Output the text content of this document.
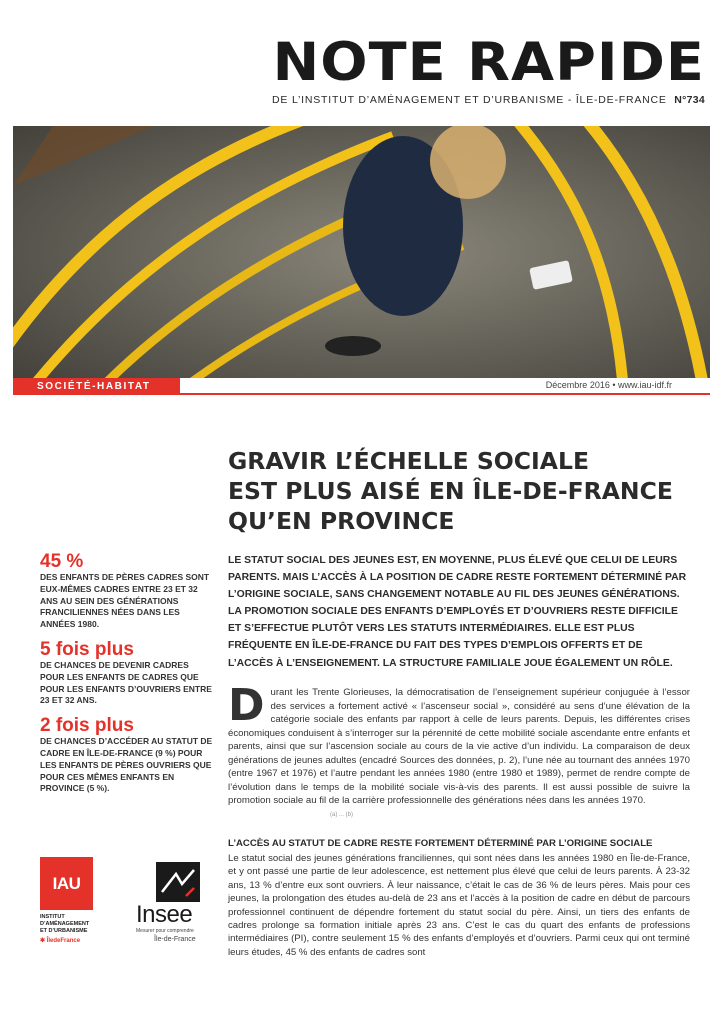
NOTE RAPIDE
DE L’INSTITUT D’AMÉNAGEMENT ET D’URBANISME - ÎLE-DE-FRANCE N°734
SOCIÉTÉ-HABITAT	Décembre 2016 • www.iau-idf.fr
GRAVIR L’ÉCHELLE SOCIALE
EST PLUS AISÉ EN ÎLE-DE-FRANCE
QU’EN PROVINCE

LE STATUT SOCIAL DES JEUNES EST, EN MOYENNE, PLUS ÉLEVÉ QUE CELUI DE LEURS PARENTS. MAIS L’ACCÈS À LA POSITION DE CADRE RESTE FORTEMENT DÉTERMINÉ PAR L’ORIGINE SOCIALE, SANS CHANGEMENT NOTABLE AU FIL DES JEUNES GÉNÉRATIONS. LA PROMOTION SOCIALE DES ENFANTS D’EMPLOYÉS ET D’OUVRIERS RESTE DIFFICILE ET S’EFFECTUE PLUTÔT VERS LES STATUTS INTERMÉDIAIRES. ELLE EST PLUS FRÉQUENTE EN ÎLE-DE-FRANCE DU FAIT DES TYPES D’EMPLOIS OFFERTS ET DE L’ACCÈS À L’ENSEIGNEMENT. LA STRUCTURE FAMILIALE JOUE ÉGALEMENT UN RÔLE.

45 %
DES ENFANTS DE PÈRES CADRES SONT EUX-MÊMES CADRES ENTRE 23 ET 32 ANS AU SEIN DES GÉNÉRATIONS FRANCILIENNES NÉES DANS LES ANNÉES 1980.
5 fois plus
DE CHANCES DE DEVENIR CADRES POUR LES ENFANTS DE CADRES QUE POUR LES ENFANTS D’OUVRIERS ENTRE 23 ET 32 ANS.
2 fois plus
DE CHANCES D’ACCÉDER AU STATUT DE CADRE EN ÎLE-DE-FRANCE (9 %) POUR LES ENFANTS DE PÈRES OUVRIERS QUE POUR CES MÊMES ENFANTS EN PROVINCE (5 %).
Durant les Trente Glorieuses, la démocratisation de l’enseignement supérieur conjuguée à l’essor des services a fortement activé « l’ascenseur social », considéré au sens d’une élévation de la catégorie sociale des enfants par rapport à celle de leurs parents. Depuis, les différentes crises économiques conduisent à s’interroger sur la pérennité de cette mobilité sociale ascendante entre enfants et parents, ainsi que sur l’ascension sociale au cours de la vie active d’un individu. La comparaison de deux générations de jeunes adultes (encadré Sources des données, p. 2), l’une née au tournant des années 1970 (entre 1967 et 1976) et l’autre pendant les années 1980 (entre 1980 et 1989), permet de rendre compte de l’évolution dans le temps de la mobilité sociale vis-à-vis des parents. Il est aussi possible de suivre la promotion sociale au fil de la carrière professionnelle des générations nées dans les années 1970.
(a) ... (b)
L’ACCÈS AU STATUT DE CADRE RESTE FORTEMENT DÉTERMINÉ PAR L’ORIGINE SOCIALE

Le statut social des jeunes générations franciliennes, qui sont nées dans les années 1980 en Île-de-France, et y ont passé une partie de leur adolescence, est nettement plus élevé que celui de leurs parents. À 23-32 ans, 13 % d’entre eux sont ouvriers. À leur naissance, c’était le cas de 36 % de leurs pères. Mais pour ces jeunes, la prolongation des études au-delà de 23 ans et l’accès à la position de cadre en début de parcours professionnel continuent de dépendre fortement du statut social du père. Ainsi, un tiers des enfants de cadres prolonge sa formation initiale après 23 ans. C’est le cas du quart des enfants de professions intermédiaires (PI), contre seulement 15 % des enfants d’employés et d’ouvriers. Parmi ceux qui ont terminé leurs études, 45 % des enfants de cadres sont

IAU
INSTITUT
D’AMÉNAGEMENT
ET D’URBANISME
✱ ÎledeFrance
Insee
Mesurer pour comprendre
Île-de-France
